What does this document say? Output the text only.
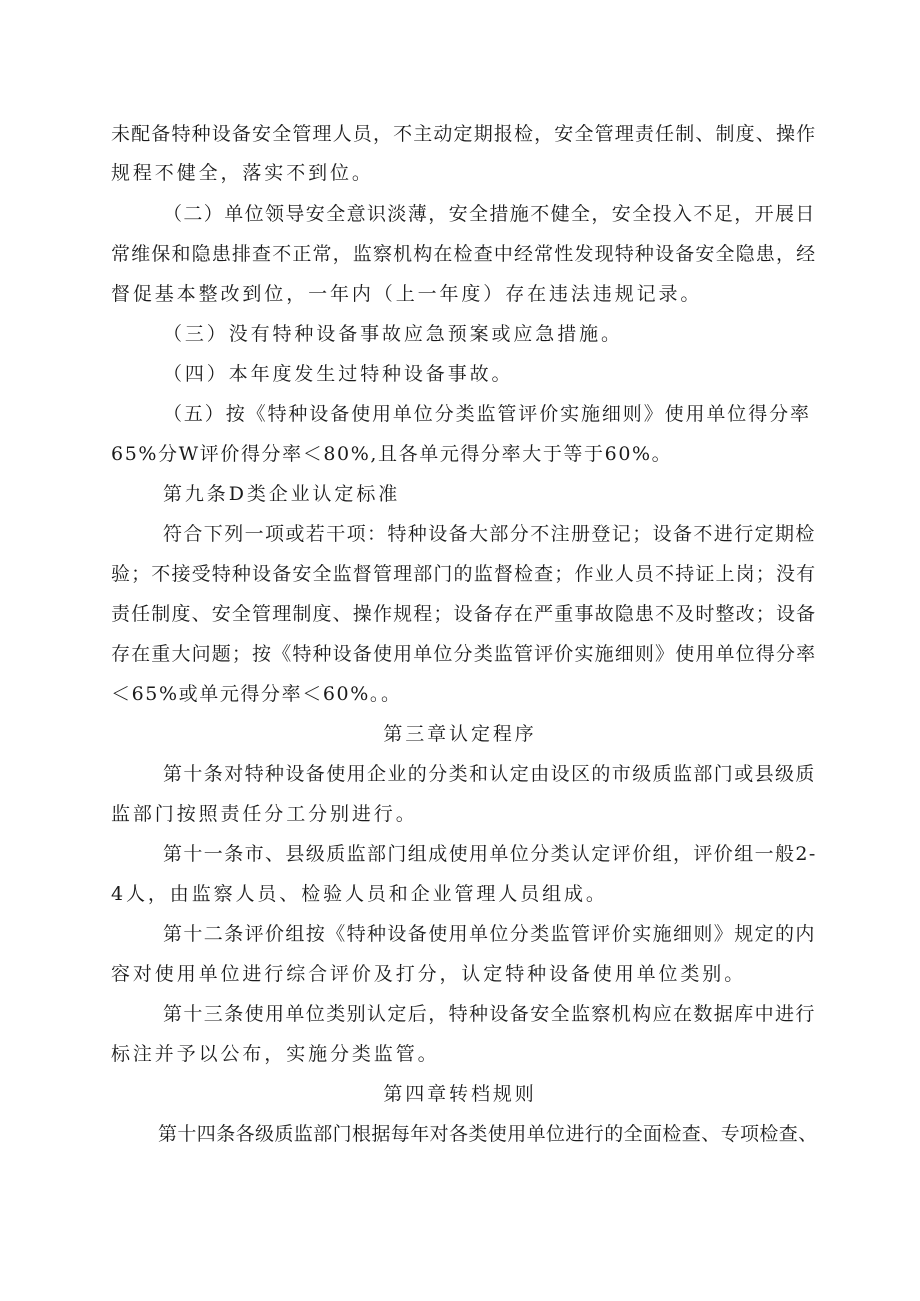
未配备特种设备安全管理人员，不主动定期报检，安全管理责任制、制度、操作
规程不健全，落实不到位。
（二）单位领导安全意识淡薄，安全措施不健全，安全投入不足，开展日
常维保和隐患排查不正常，监察机构在检查中经常性发现特种设备安全隐患，经
督促基本整改到位，一年内（上一年度）存在违法违规记录。
（三）没有特种设备事故应急预案或应急措施。
（四）本年度发生过特种设备事故。
（五）按《特种设备使用单位分类监管评价实施细则》使用单位得分率
65%分W评价得分率＜80%,且各单元得分率大于等于60%。
第九条D类企业认定标准
符合下列一项或若干项：特种设备大部分不注册登记；设备不进行定期检
验；不接受特种设备安全监督管理部门的监督检查；作业人员不持证上岗；没有
责任制度、安全管理制度、操作规程；设备存在严重事故隐患不及时整改；设备
存在重大问题；按《特种设备使用单位分类监管评价实施细则》使用单位得分率
＜65%或单元得分率＜60%。。
第三章认定程序
第十条对特种设备使用企业的分类和认定由设区的市级质监部门或县级质
监部门按照责任分工分别进行。
第十一条市、县级质监部门组成使用单位分类认定评价组，评价组一般2-
4人，由监察人员、检验人员和企业管理人员组成。
第十二条评价组按《特种设备使用单位分类监管评价实施细则》规定的内
容对使用单位进行综合评价及打分，认定特种设备使用单位类别。
第十三条使用单位类别认定后，特种设备安全监察机构应在数据库中进行
标注并予以公布，实施分类监管。
第四章转档规则
第十四条各级质监部门根据每年对各类使用单位进行的全面检查、专项检查、
